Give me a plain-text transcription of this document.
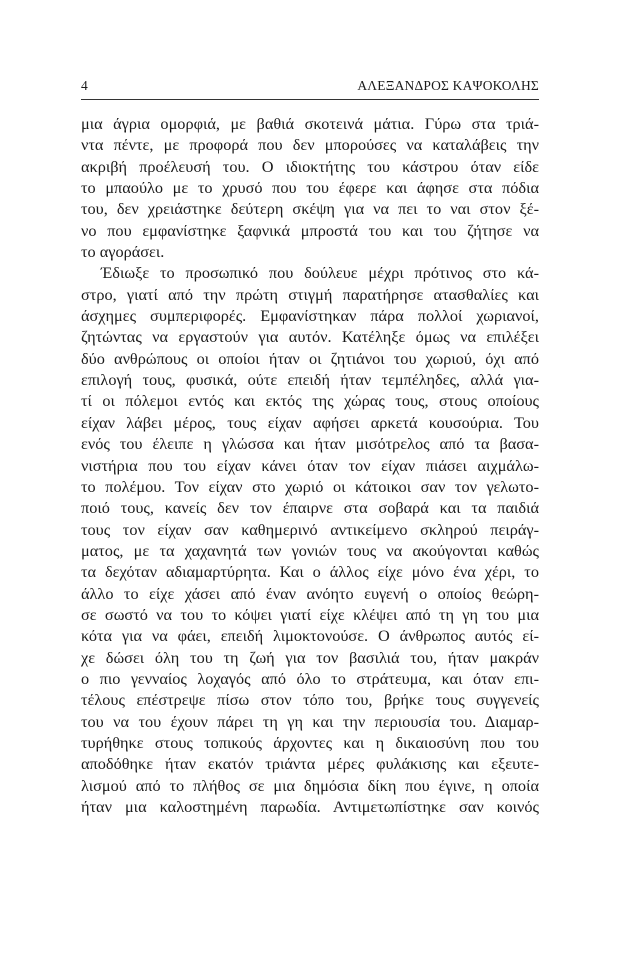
4	ΑΛΕΞΑΝΔΡΟΣ ΚΑΨΟΚΟΛΗΣ
μια άγρια ομορφιά, με βαθιά σκοτεινά μάτια. Γύρω στα τριά-
ντα πέντε, με προφορά που δεν μπορούσες να καταλάβεις την
ακριβή προέλευσή του. Ο ιδιοκτήτης του κάστρου όταν είδε
το μπαούλο με το χρυσό που του έφερε και άφησε στα πόδια
του, δεν χρειάστηκε δεύτερη σκέψη για να πει το ναι στον ξέ-
νο που εμφανίστηκε ξαφνικά μπροστά του και του ζήτησε να
το αγοράσει.
Έδιωξε το προσωπικό που δούλευε μέχρι πρότινος στο κά-
στρο, γιατί από την πρώτη στιγμή παρατήρησε ατασθαλίες και
άσχημες συμπεριφορές. Εμφανίστηκαν πάρα πολλοί χωριανοί,
ζητώντας να εργαστούν για αυτόν. Κατέληξε όμως να επιλέξει
δύο ανθρώπους οι οποίοι ήταν οι ζητιάνοι του χωριού, όχι από
επιλογή τους, φυσικά, ούτε επειδή ήταν τεμπέληδες, αλλά για-
τί οι πόλεμοι εντός και εκτός της χώρας τους, στους οποίους
είχαν λάβει μέρος, τους είχαν αφήσει αρκετά κουσούρια. Του
ενός του έλειπε η γλώσσα και ήταν μισότρελος από τα βασα-
νιστήρια που του είχαν κάνει όταν τον είχαν πιάσει αιχμάλω-
το πολέμου. Τον είχαν στο χωριό οι κάτοικοι σαν τον γελωτο-
ποιό τους, κανείς δεν τον έπαιρνε στα σοβαρά και τα παιδιά
τους τον είχαν σαν καθημερινό αντικείμενο σκληρού πειράγ-
ματος, με τα χαχανητά των γονιών τους να ακούγονται καθώς
τα δεχόταν αδιαμαρτύρητα. Και ο άλλος είχε μόνο ένα χέρι, το
άλλο το είχε χάσει από έναν ανόητο ευγενή ο οποίος θεώρη-
σε σωστό να του το κόψει γιατί είχε κλέψει από τη γη του μια
κότα για να φάει, επειδή λιμοκτονούσε. Ο άνθρωπος αυτός εί-
χε δώσει όλη του τη ζωή για τον βασιλιά του, ήταν μακράν
ο πιο γενναίος λοχαγός από όλο το στράτευμα, και όταν επι-
τέλους επέστρεψε πίσω στον τόπο του, βρήκε τους συγγενείς
του να του έχουν πάρει τη γη και την περιουσία του. Διαμαρ-
τυρήθηκε στους τοπικούς άρχοντες και η δικαιοσύνη που του
αποδόθηκε ήταν εκατόν τριάντα μέρες φυλάκισης και εξευτε-
λισμού από το πλήθος σε μια δημόσια δίκη που έγινε, η οποία
ήταν μια καλοστημένη παρωδία. Αντιμετωπίστηκε σαν κοινός
